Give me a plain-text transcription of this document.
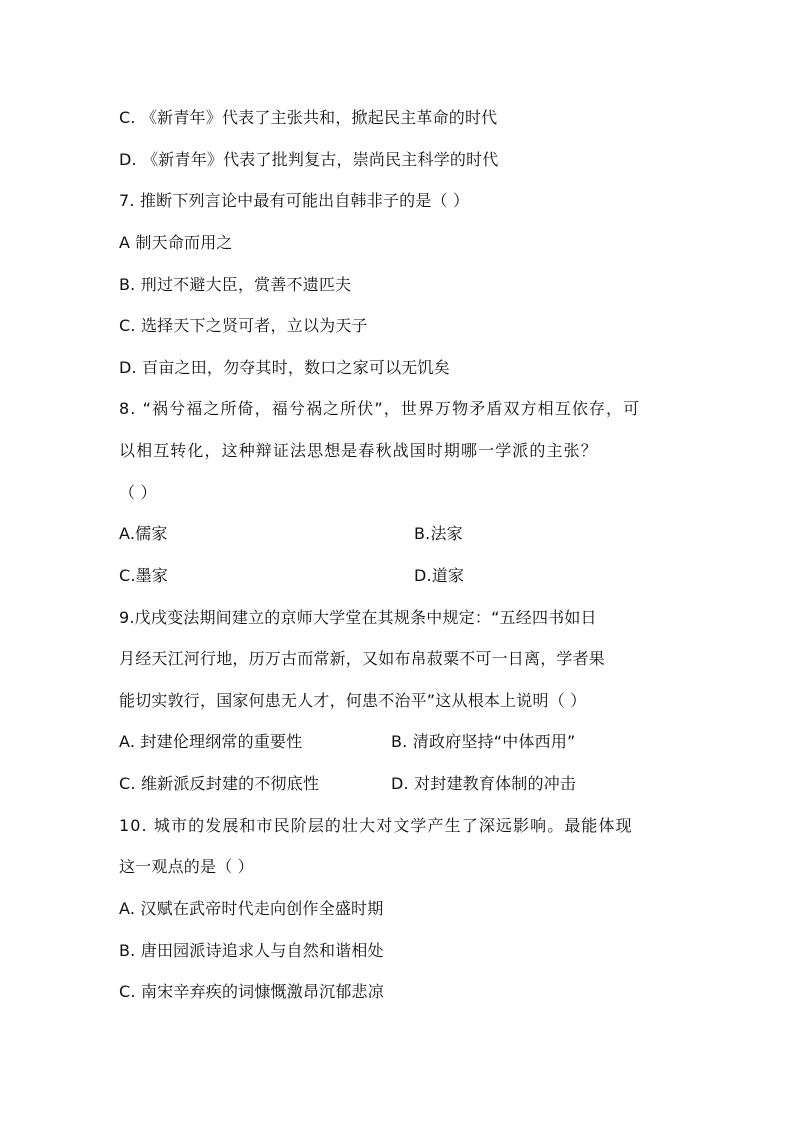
C. 《新青年》代表了主张共和，掀起民主革命的时代
D. 《新青年》代表了批判复古，崇尚民主科学的时代
7. 推断下列言论中最有可能出自韩非子的是（ ）
A 制天命而用之
B. 刑过不避大臣，赏善不遗匹夫
C. 选择天下之贤可者，立以为天子
D. 百亩之田，勿夺其时，数口之家可以无饥矣
8. “祸兮福之所倚，福兮祸之所伏”，世界万物矛盾双方相互依存，可
以相互转化，这种辩证法思想是春秋战国时期哪一学派的主张？
（ ）
A.儒家	B.法家
C.墨家	D.道家
9.戊戌变法期间建立的京师大学堂在其规条中规定：“五经四书如日
月经天江河行地，历万古而常新，又如布帛菽粟不可一日离，学者果
能切实敦行，国家何患无人才，何患不治平”这从根本上说明（ ）
A. 封建伦理纲常的重要性	B. 清政府坚持“中体西用”
C. 维新派反封建的不彻底性	D. 对封建教育体制的冲击
10. 城市的发展和市民阶层的壮大对文学产生了深远影响。最能体现
这一观点的是（ ）
A. 汉赋在武帝时代走向创作全盛时期
B. 唐田园派诗追求人与自然和谐相处
C. 南宋辛弃疾的词慷慨激昂沉郁悲凉
